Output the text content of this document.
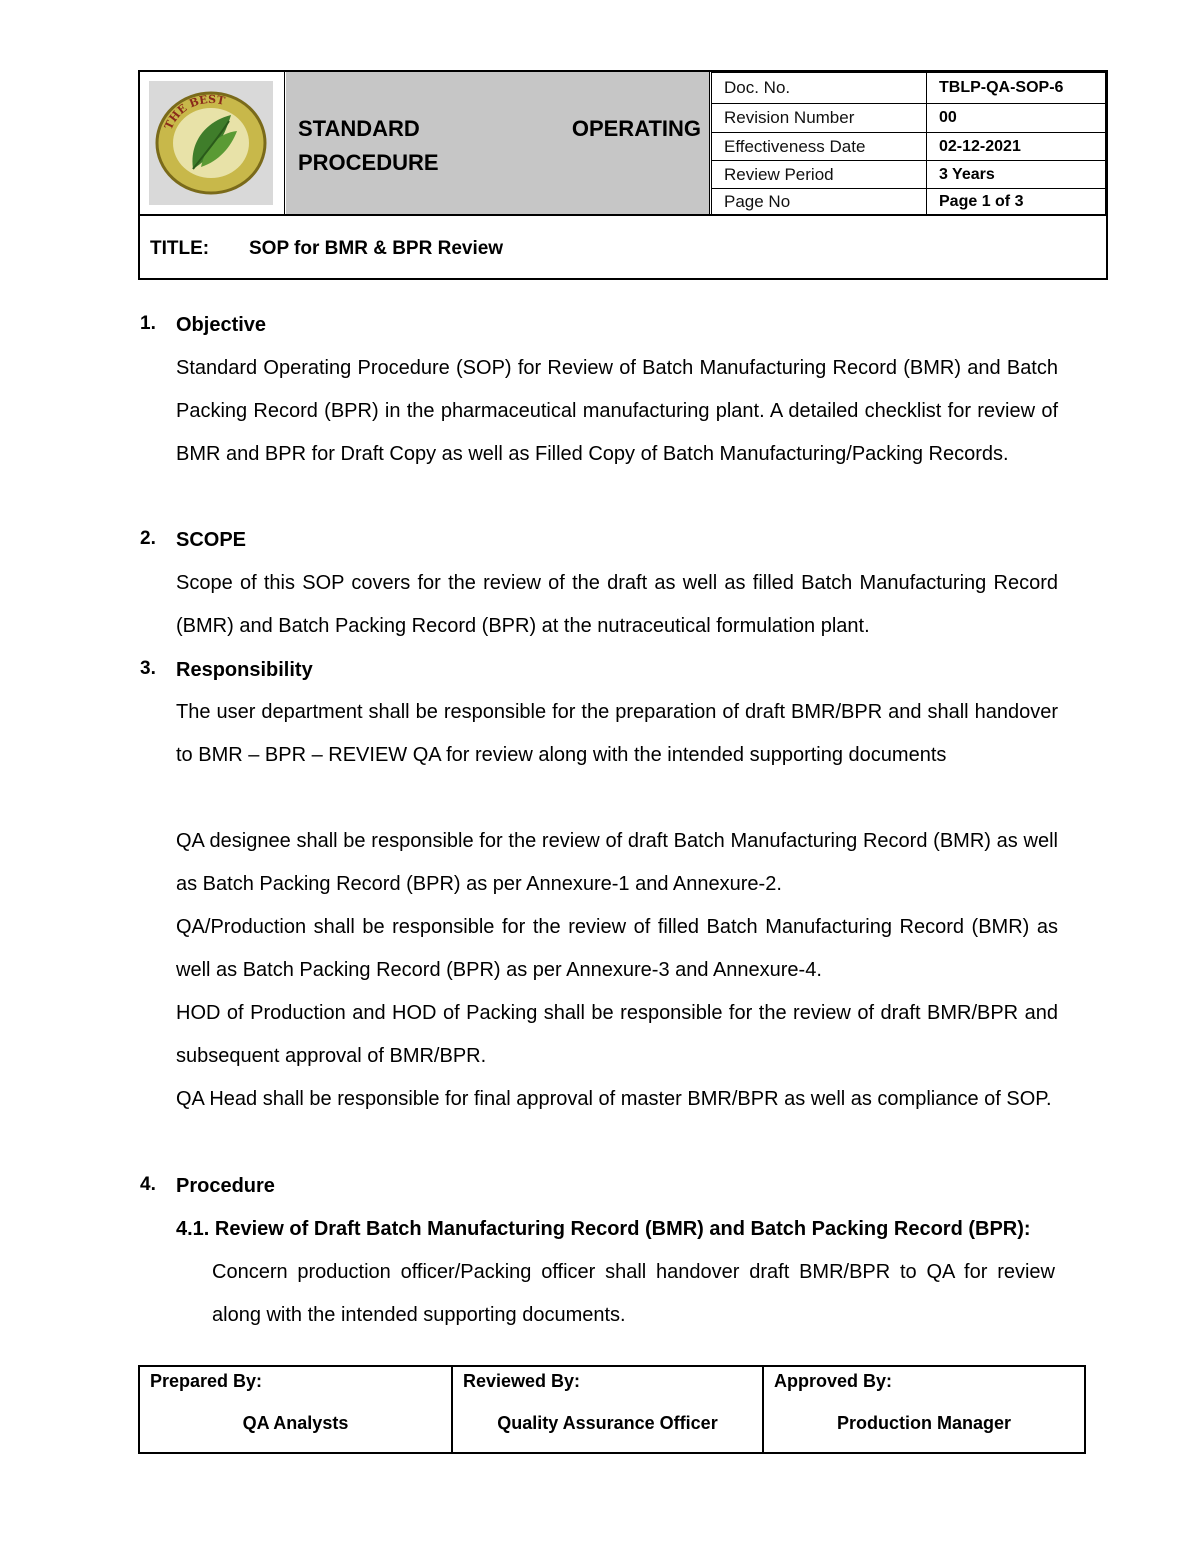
THE BEST
STANDARD	OPERATING
PROCEDURE
Doc. No.	TBLP-QA-SOP-6
Revision Number	00
Effectiveness Date	02-12-2021
Review Period	3 Years
Page No	Page 1 of 3
TITLE: SOP for BMR & BPR Review
1.	Objective
Standard Operating Procedure (SOP) for Review of Batch Manufacturing Record (BMR) and Batch Packing Record (BPR) in the pharmaceutical manufacturing plant. A detailed checklist for review of BMR and BPR for Draft Copy as well as Filled Copy of Batch Manufacturing/Packing Records.
2.	SCOPE
Scope of this SOP covers for the review of the draft as well as filled Batch Manufacturing Record (BMR) and Batch Packing Record (BPR) at the nutraceutical formulation plant.
3.	Responsibility
The user department shall be responsible for the preparation of draft BMR/BPR and shall handover to BMR – BPR – REVIEW QA for review along with the intended supporting documents
QA designee shall be responsible for the review of draft Batch Manufacturing Record (BMR) as well as Batch Packing Record (BPR) as per Annexure-1 and Annexure-2.
QA/Production shall be responsible for the review of filled Batch Manufacturing Record (BMR) as well as Batch Packing Record (BPR) as per Annexure-3 and Annexure-4.
HOD of Production and HOD of Packing shall be responsible for the review of draft BMR/BPR and subsequent approval of BMR/BPR.
QA Head shall be responsible for final approval of master BMR/BPR as well as compliance of SOP.
4.	Procedure
4.1. Review of Draft Batch Manufacturing Record (BMR) and Batch Packing Record (BPR):
Concern production officer/Packing officer shall handover draft BMR/BPR to QA for review along with the intended supporting documents.
Prepared By:
QA Analysts

Reviewed By:
Quality Assurance Officer

Approved By:
Production Manager
